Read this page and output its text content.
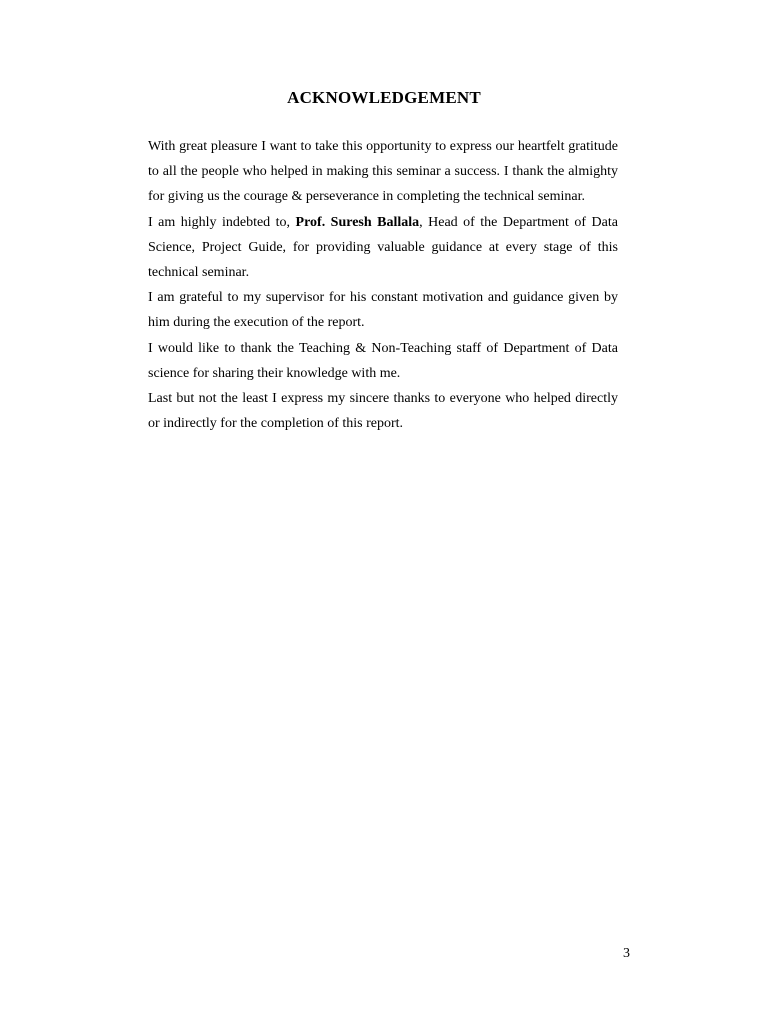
ACKNOWLEDGEMENT

With great pleasure I want to take this opportunity to express our heartfelt gratitude to all the people who helped in making this seminar a success. I thank the almighty for giving us the courage & perseverance in completing the technical seminar.

I am highly indebted to, Prof. Suresh Ballala, Head of the Department of Data Science, Project Guide, for providing valuable guidance at every stage of this technical seminar.

I am grateful to my supervisor for his constant motivation and guidance given by him during the execution of the report.

I would like to thank the Teaching & Non-Teaching staff of Department of Data science for sharing their knowledge with me.

Last but not the least I express my sincere thanks to everyone who helped directly or indirectly for the completion of this report.

3
